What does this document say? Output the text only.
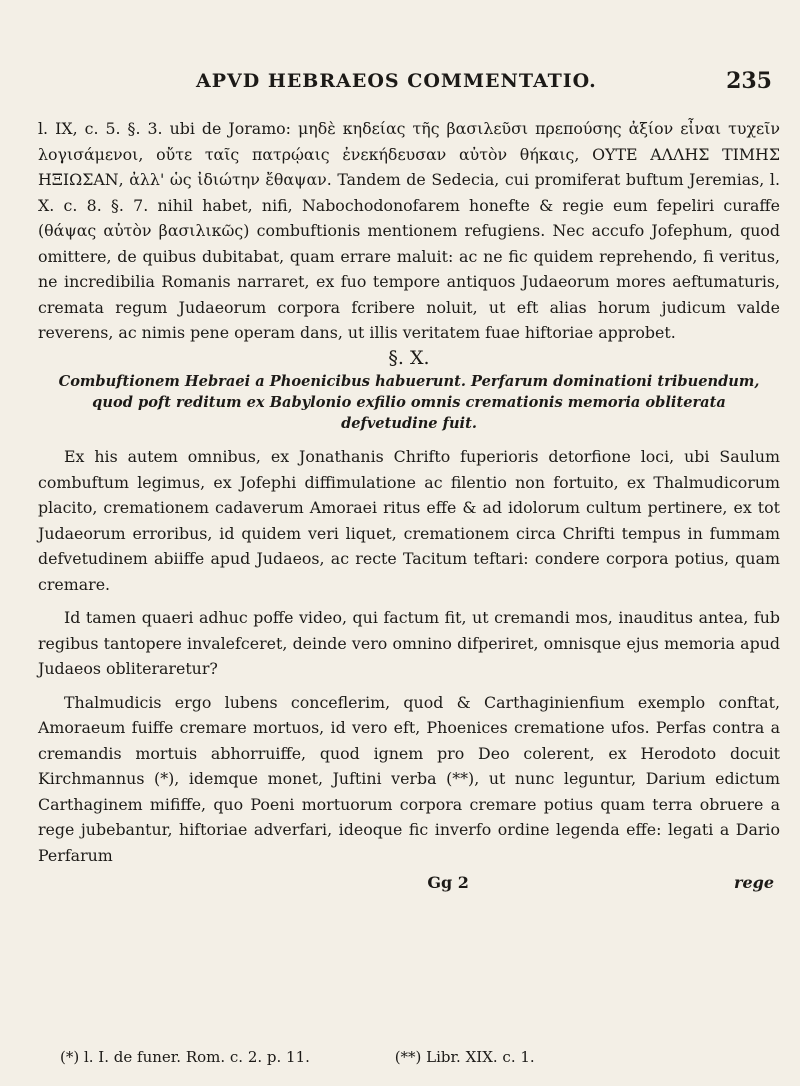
APVD HEBRAEOS COMMENTATIO.	235

l. IX, c. 5. §. 3. ubi de Joramo: μηδὲ κηδείας τῆς βασιλεῦσι πρεπούσης ἀξίον εἶναι τυχεῖν λογισάμενοι, οὔτε ταῖς πατρῴαις ἐνεκήδευσαν αὐτὸν θήκαις, ΟΥΤΕ ΑΛΛΗΣ ΤΙΜΗΣ ΗΞΙΩΣΑΝ, ἀλλ' ὡς ἰδιώτην ἔθαψαν. Tandem de Sedecia, cui promiferat buftum Jeremias, l. X. c. 8. §. 7. nihil habet, nifi, Nabochodonofarem honefte & regie eum fepeliri curaffe (θάψας αὐτὸν βασιλικῶς) combuftionis mentionem refugiens. Nec accufo Jofephum, quod omittere, de quibus dubitabat, quam errare maluit: ac ne fic quidem reprehendo, fi veritus, ne incredibilia Romanis narraret, ex fuo tempore antiquos Judaeorum mores aeftumaturis, cremata regum Judaeorum corpora fcribere noluit, ut eft alias horum judicum valde reverens, ac nimis pene operam dans, ut illis veritatem fuae hiftoriae approbet.

§. X.

Combuftionem Hebraei a Phoenicibus habuerunt. Perfarum dominationi tribuendum, quod poft reditum ex Babylonio exfilio omnis cremationis memoria obliterata defvetudine fuit.

Ex his autem omnibus, ex Jonathanis Chrifto fuperioris detorfione loci, ubi Saulum combuftum legimus, ex Jofephi diffimulatione ac filentio non fortuito, ex Thalmudicorum placito, cremationem cadaverum Amoraei ritus effe & ad idolorum cultum pertinere, ex tot Judaeorum erroribus, id quidem veri liquet, cremationem circa Chrifti tempus in fummam defvetudinem abiiffe apud Judaeos, ac recte Tacitum teftari: condere corpora potius, quam cremare.

Id tamen quaeri adhuc poffe video, qui factum fit, ut cremandi mos, inauditus antea, fub regibus tantopere invalefceret, deinde vero omnino difperiret, omnisque ejus memoria apud Judaeos obliteraretur?

Thalmudicis ergo lubens conceflerim, quod & Carthaginienfium exemplo conftat, Amoraeum fuiffe cremare mortuos, id vero eft, Phoenices crematione ufos. Perfas contra a cremandis mortuis abhorruiffe, quod ignem pro Deo colerent, ex Herodoto docuit Kirchmannus (*), idemque monet, Juftini verba (**), ut nunc leguntur, Darium edictum Carthaginem mififfe, quo Poeni mortuorum corpora cremare potius quam terra obruere a rege jubebantur, hiftoriae adverfari, ideoque fic inverfo ordine legenda effe: legati a Dario Perfarum

Gg 2	rege
(*) l. I. de funer. Rom. c. 2. p. 11.	(**) Libr. XIX. c. 1.
